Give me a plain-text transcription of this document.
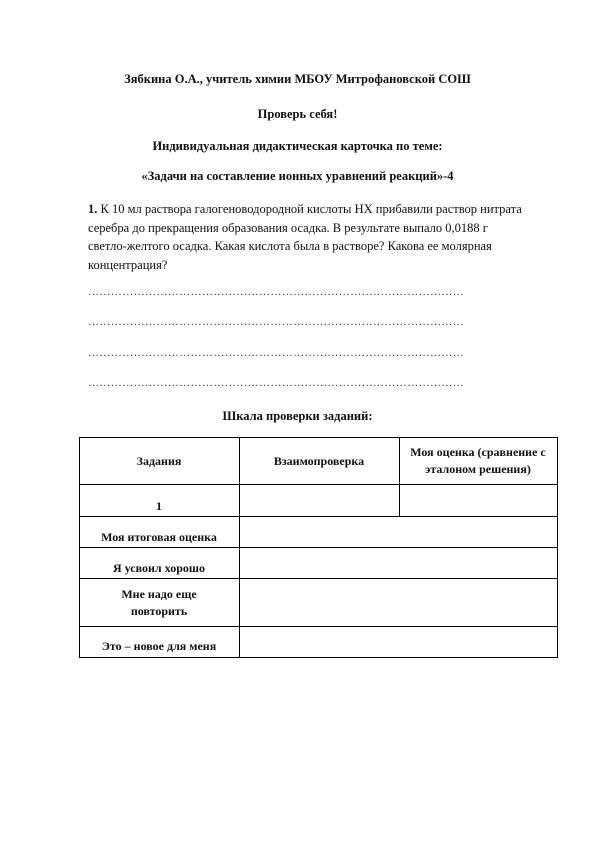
Зябкина О.А., учитель химии МБОУ Митрофановской СОШ
Проверь себя!
Индивидуальная дидактическая карточка по теме:
«Задачи на составление ионных уравнений реакций»-4
1. К 10 мл раствора галогеноводородной кислоты НХ прибавили раствор нитрата серебра до прекращения образования осадка. В результате выпало 0,0188 г светло-желтого осадка. Какая кислота была в растворе? Какова ее молярная концентрация?
………………………………………………………………………………………
………………………………………………………………………………………
………………………………………………………………………………………
………………………………………………………………………………………
Шкала проверки заданий:
Задания	Взаимопроверка
Моя оценка (сравнение с эталоном решения)
1
Моя итоговая оценка
Я усвоил хорошо
Мне надо еще повторить
Это – новое для меня
